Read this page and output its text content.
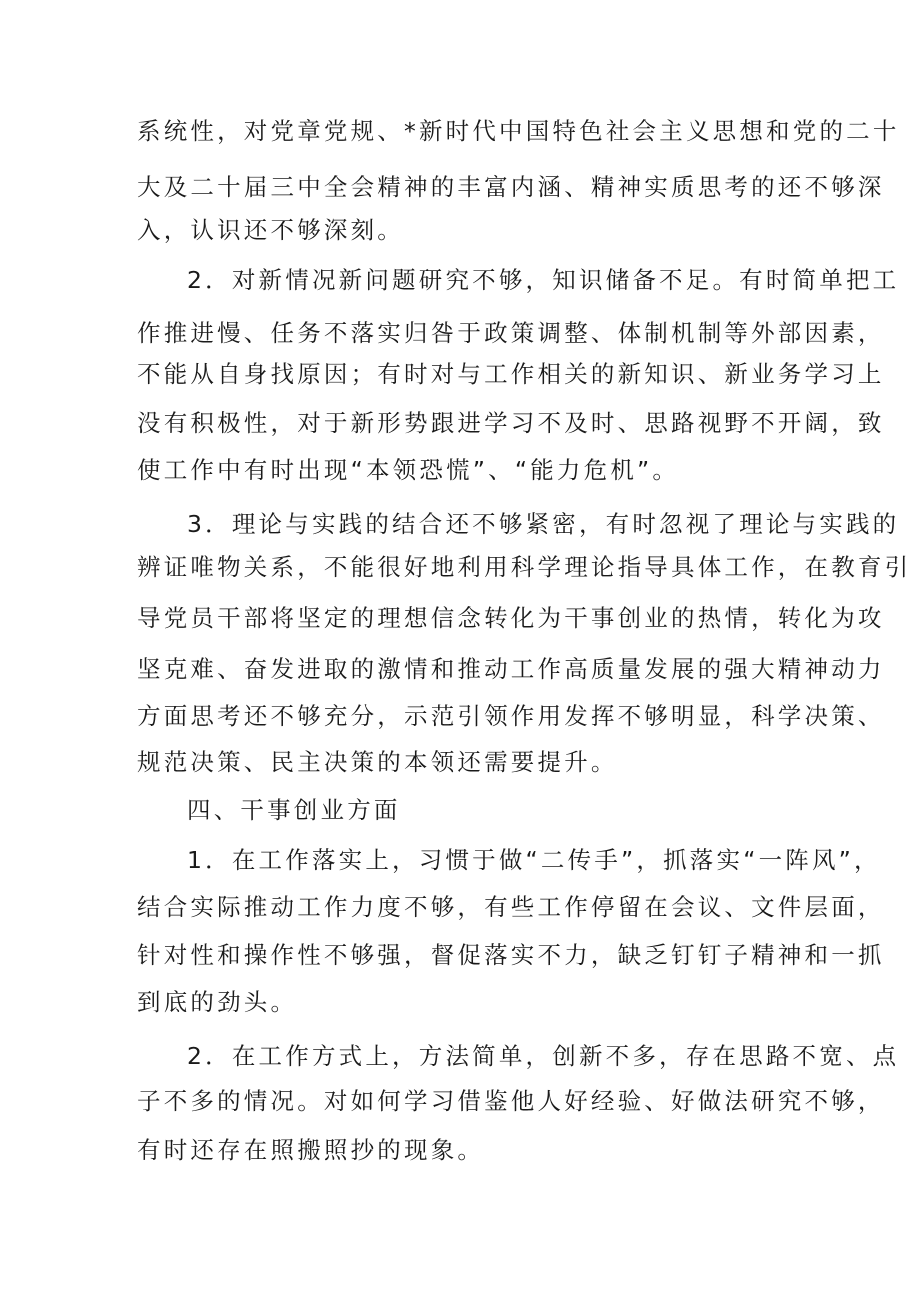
系统性，对党章党规、*新时代中国特色社会主义思想和党的二十
大及二十届三中全会精神的丰富内涵、精神实质思考的还不够深
入，认识还不够深刻。
2．对新情况新问题研究不够，知识储备不足。有时简单把工
作推进慢、任务不落实归咎于政策调整、体制机制等外部因素，
不能从自身找原因；有时对与工作相关的新知识、新业务学习上
没有积极性，对于新形势跟进学习不及时、思路视野不开阔，致
使工作中有时出现“本领恐慌”、“能力危机”。
3．理论与实践的结合还不够紧密，有时忽视了理论与实践的
辨证唯物关系，不能很好地利用科学理论指导具体工作，在教育引
导党员干部将坚定的理想信念转化为干事创业的热情，转化为攻
坚克难、奋发进取的激情和推动工作高质量发展的强大精神动力
方面思考还不够充分，示范引领作用发挥不够明显，科学决策、
规范决策、民主决策的本领还需要提升。
四、干事创业方面
1．在工作落实上，习惯于做“二传手”，抓落实“一阵风”，
结合实际推动工作力度不够，有些工作停留在会议、文件层面，
针对性和操作性不够强，督促落实不力，缺乏钉钉子精神和一抓
到底的劲头。
2．在工作方式上，方法简单，创新不多，存在思路不宽、点
子不多的情况。对如何学习借鉴他人好经验、好做法研究不够，
有时还存在照搬照抄的现象。
